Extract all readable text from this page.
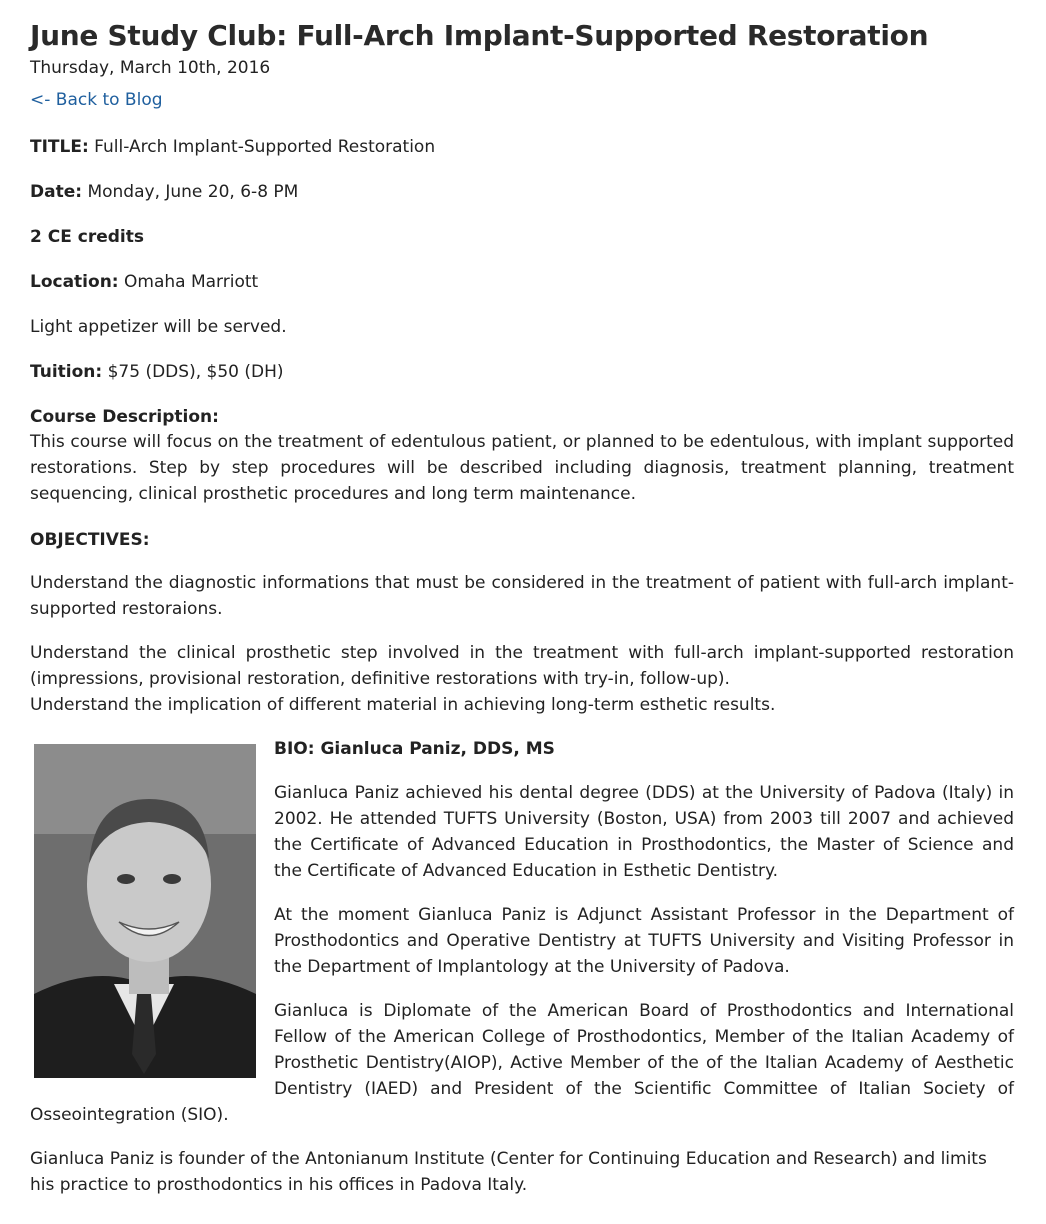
June Study Club: Full-Arch Implant-Supported Restoration
Thursday, March 10th, 2016
<- Back to Blog
TITLE: Full-Arch Implant-Supported Restoration
Date: Monday, June 20, 6-8 PM
2 CE credits
Location: Omaha Marriott
Light appetizer will be served.
Tuition: $75 (DDS), $50 (DH)
Course Description:
This course will focus on the treatment of edentulous patient, or planned to be edentulous, with implant supported restorations. Step by step procedures will be described including diagnosis, treatment planning, treatment sequencing, clinical prosthetic procedures and long term maintenance.
OBJECTIVES:
Understand the diagnostic informations that must be considered in the treatment of patient with full-arch implant-supported restoraions.
Understand the clinical prosthetic step involved in the treatment with full-arch implant-supported restoration (impressions, provisional restoration, definitive restorations with try-in, follow-up).
Understand the implication of different material in achieving long-term esthetic results.
BIO: Gianluca Paniz, DDS, MS
Gianluca Paniz achieved his dental degree (DDS) at the University of Padova (Italy) in 2002. He attended TUFTS University (Boston, USA) from 2003 till 2007 and achieved the Certificate of Advanced Education in Prosthodontics, the Master of Science and the Certificate of Advanced Education in Esthetic Dentistry.
At the moment Gianluca Paniz is Adjunct Assistant Professor in the Department of Prosthodontics and Operative Dentistry at TUFTS University and Visiting Professor in the Department of Implantology at the University of Padova.
Gianluca is Diplomate of the American Board of Prosthodontics and International Fellow of the American College of Prosthodontics, Member of the Italian Academy of Prosthetic Dentistry(AIOP), Active Member of the of the Italian Academy of Aesthetic Dentistry (IAED) and President of the Scientific Committee of Italian Society of Osseointegration (SIO).
Gianluca Paniz is founder of the Antonianum Institute (Center for Continuing Education and Research) and limits his practice to prosthodontics in his offices in Padova Italy.
